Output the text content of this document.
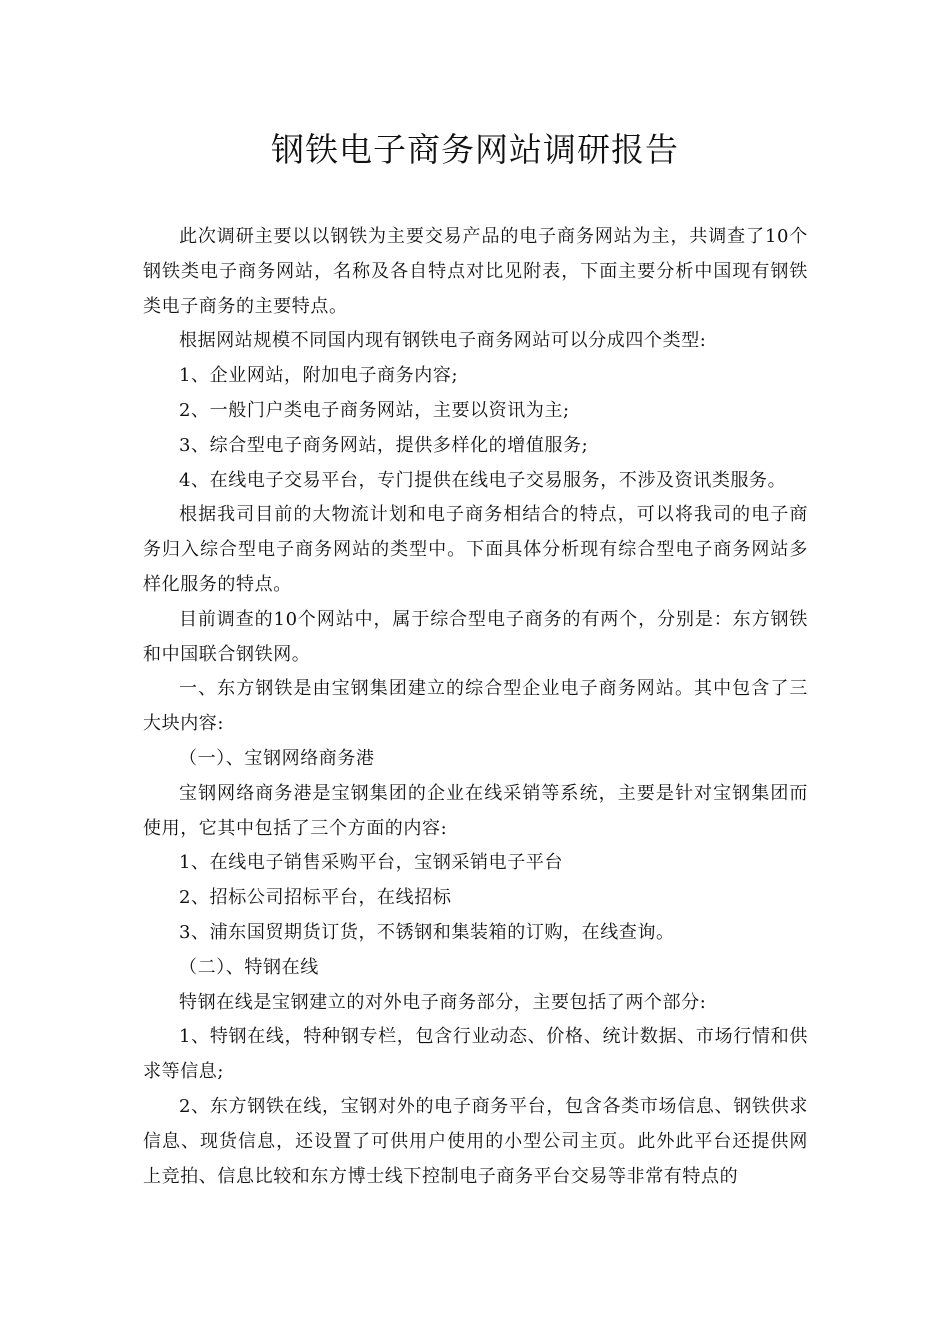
钢铁电子商务网站调研报告

此次调研主要以以钢铁为主要交易产品的电子商务网站为主，共调查了10个钢铁类电子商务网站，名称及各自特点对比见附表，下面主要分析中国现有钢铁类电子商务的主要特点。

根据网站规模不同国内现有钢铁电子商务网站可以分成四个类型:

1、企业网站，附加电子商务内容;

2、一般门户类电子商务网站，主要以资讯为主;

3、综合型电子商务网站，提供多样化的增值服务;

4、在线电子交易平台，专门提供在线电子交易服务，不涉及资讯类服务。

根据我司目前的大物流计划和电子商务相结合的特点，可以将我司的电子商务归入综合型电子商务网站的类型中。下面具体分析现有综合型电子商务网站多样化服务的特点。

目前调查的10个网站中，属于综合型电子商务的有两个，分别是：东方钢铁和中国联合钢铁网。

一、东方钢铁是由宝钢集团建立的综合型企业电子商务网站。其中包含了三大块内容:

（一）、宝钢网络商务港

宝钢网络商务港是宝钢集团的企业在线采销等系统，主要是针对宝钢集团而使用，它其中包括了三个方面的内容:

1、在线电子销售采购平台，宝钢采销电子平台

2、招标公司招标平台，在线招标

3、浦东国贸期货订货，不锈钢和集装箱的订购，在线查询。

（二）、特钢在线

特钢在线是宝钢建立的对外电子商务部分，主要包括了两个部分:

1、特钢在线，特种钢专栏，包含行业动态、价格、统计数据、市场行情和供求等信息;

2、东方钢铁在线，宝钢对外的电子商务平台，包含各类市场信息、钢铁供求信息、现货信息，还设置了可供用户使用的小型公司主页。此外此平台还提供网上竞拍、信息比较和东方博士线下控制电子商务平台交易等非常有特点的
